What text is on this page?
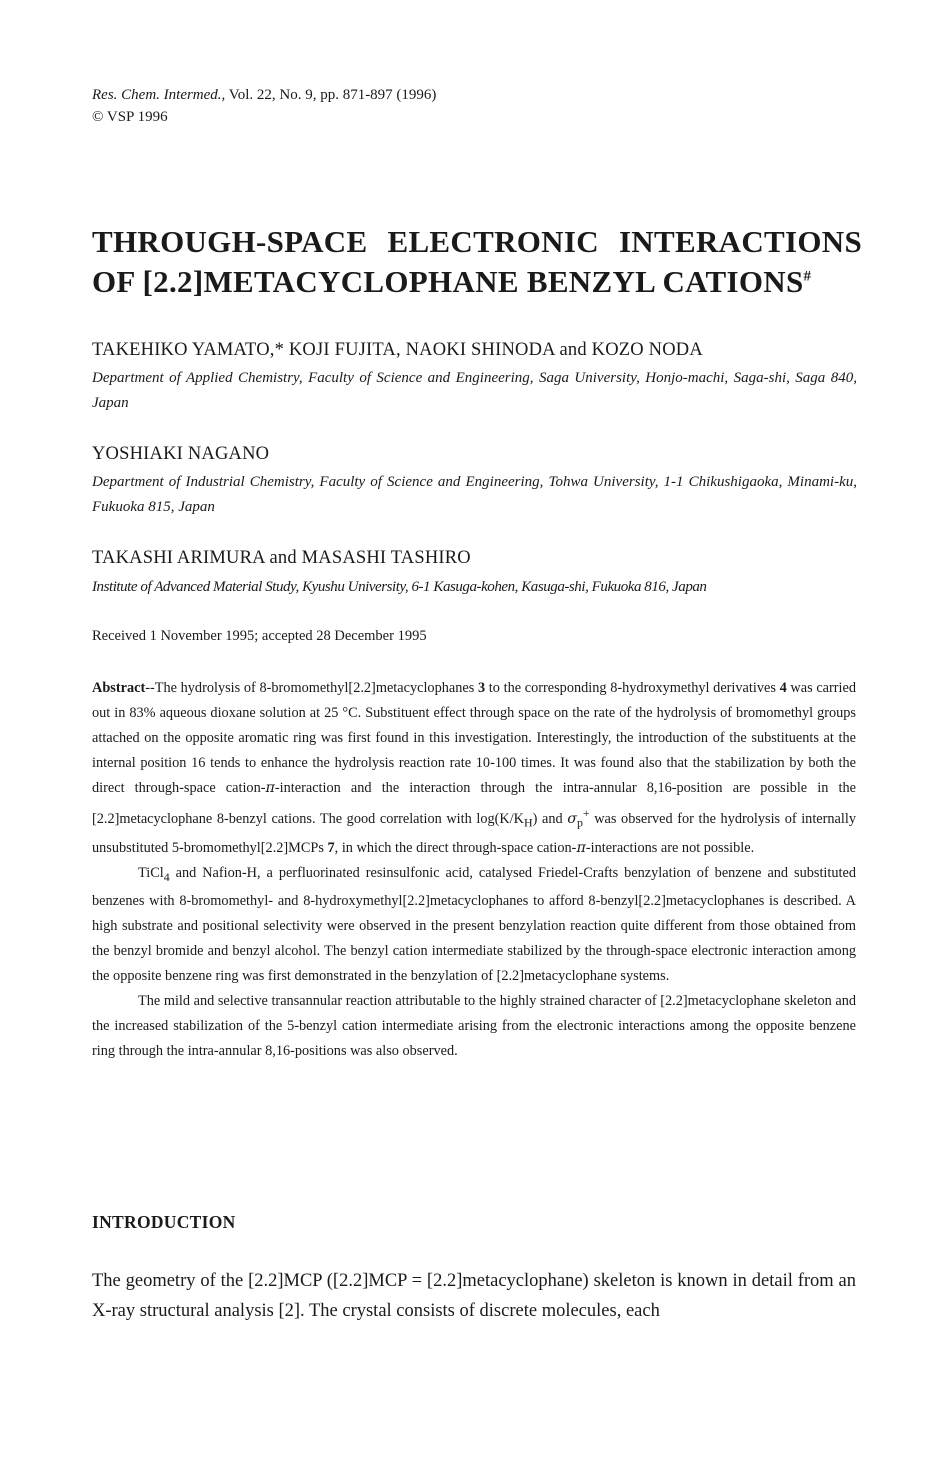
Res. Chem. Intermed., Vol. 22, No. 9, pp. 871-897 (1996)
© VSP 1996
THROUGH-SPACE ELECTRONIC INTERACTIONS
OF [2.2]METACYCLOPHANE BENZYL CATIONS#
TAKEHIKO YAMATO,* KOJI FUJITA, NAOKI SHINODA and KOZO NODA
Department of Applied Chemistry, Faculty of Science and Engineering, Saga University, Honjo-machi, Saga-shi, Saga 840, Japan
YOSHIAKI NAGANO
Department of Industrial Chemistry, Faculty of Science and Engineering, Tohwa University, 1-1 Chikushigaoka, Minami-ku, Fukuoka 815, Japan
TAKASHI ARIMURA and MASASHI TASHIRO
Institute of Advanced Material Study, Kyushu University, 6-1 Kasuga-kohen, Kasuga-shi, Fukuoka 816, Japan
Received 1 November 1995; accepted 28 December 1995

Abstract--The hydrolysis of 8-bromomethyl[2.2]metacyclophanes 3 to the corresponding 8-hydroxymethyl derivatives 4 was carried out in 83% aqueous dioxane solution at 25 °C. Substituent effect through space on the rate of the hydrolysis of bromomethyl groups attached on the opposite aromatic ring was first found in this investigation. Interestingly, the introduction of the substituents at the internal position 16 tends to enhance the hydrolysis reaction rate 10-100 times. It was found also that the stabilization by both the direct through-space cation-π-interaction and the interaction through the intra-annular 8,16-position are possible in the [2.2]metacyclophane 8-benzyl cations. The good correlation with $\log(K/K_H)$ and $\sigma_p^+$ was observed for the hydrolysis of internally unsubstituted 5-bromomethyl[2.2]MCPs 7, in which the direct through-space cation-π-interactions are not possible.

TiCl$_4$ and Nafion-H, a perfluorinated resinsulfonic acid, catalysed Friedel-Crafts benzylation of benzene and substituted benzenes with 8-bromomethyl- and 8-hydroxymethyl[2.2]metacyclophanes to afford 8-benzyl[2.2]metacyclophanes is described. A high substrate and positional selectivity were observed in the present benzylation reaction quite different from those obtained from the benzyl bromide and benzyl alcohol. The benzyl cation intermediate stabilized by the through-space electronic interaction among the opposite benzene ring was first demonstrated in the benzylation of [2.2]metacyclophane systems.

The mild and selective transannular reaction attributable to the highly strained character of [2.2]metacyclophane skeleton and the increased stabilization of the 5-benzyl cation intermediate arising from the electronic interactions among the opposite benzene ring through the intra-annular 8,16-positions was also observed.

INTRODUCTION

The geometry of the [2.2]MCP ([2.2]MCP = [2.2]metacyclophane) skeleton is known in detail from an X-ray structural analysis [2]. The crystal consists of discrete molecules, each
